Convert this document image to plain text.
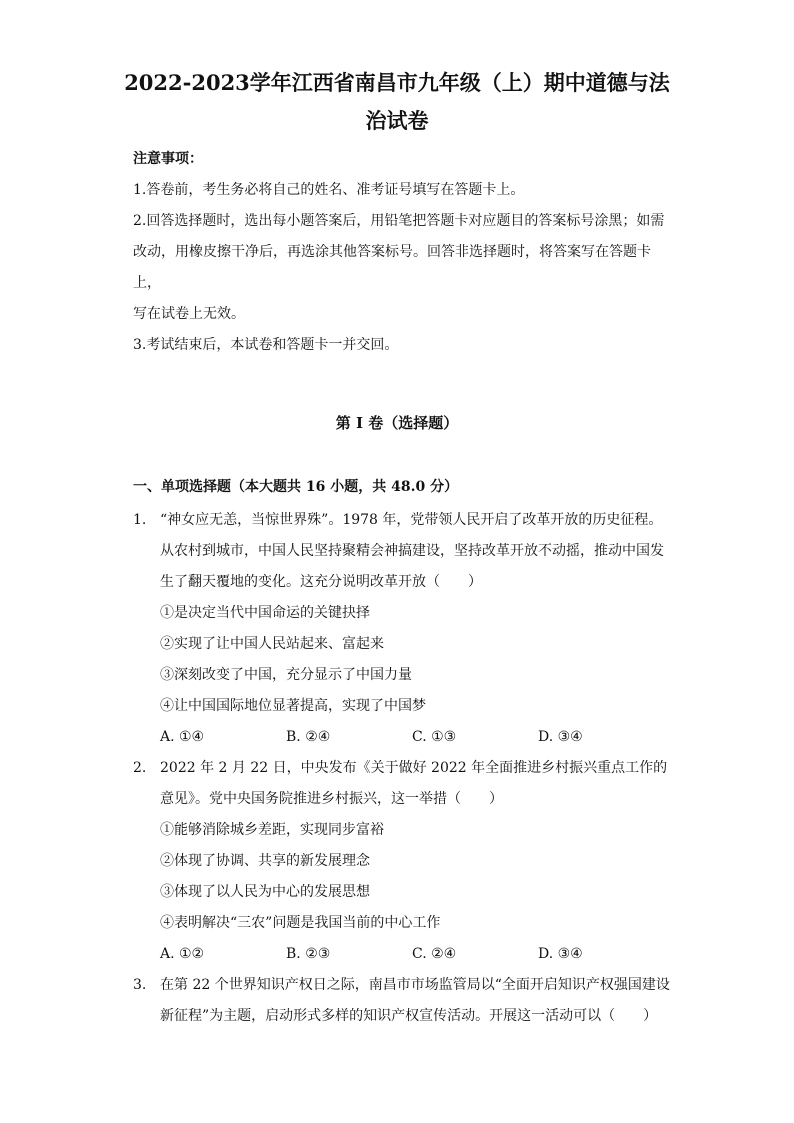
2022-2023学年江西省南昌市九年级（上）期中道德与法
治试卷

注意事项：

1.答卷前，考生务必将自己的姓名、准考证号填写在答题卡上。

2.回答选择题时，选出每小题答案后，用铅笔把答题卡对应题目的答案标号涂黑；如需

改动，用橡皮擦干净后，再选涂其他答案标号。回答非选择题时，将答案写在答题卡上，

写在试卷上无效。

3.考试结束后，本试卷和答题卡一并交回。

第 I 卷（选择题）
一、单项选择题（本大题共 16 小题，共 48.0 分）
1. “神女应无恙，当惊世界殊”。1978 年，党带领人民开启了改革开放的历史征程。从农村到城市，中国人民坚持聚精会神搞建设，坚持改革开放不动摇，推动中国发生了翻天覆地的变化。这充分说明改革开放（　　）
①是决定当代中国命运的关键抉择
②实现了让中国人民站起来、富起来
③深刻改变了中国，充分显示了中国力量
④让中国国际地位显著提高，实现了中国梦
A. ①④	B. ②④	C. ①③	D. ③④
2. 2022 年 2 月 22 日，中央发布《关于做好 2022 年全面推进乡村振兴重点工作的意见》。党中央国务院推进乡村振兴，这一举措（　　）
①能够消除城乡差距，实现同步富裕
②体现了协调、共享的新发展理念
③体现了以人民为中心的发展思想
④表明解决“三农”问题是我国当前的中心工作
A. ①②	B. ②③	C. ②④	D. ③④
3. 在第 22 个世界知识产权日之际，南昌市市场监管局以“全面开启知识产权强国建设新征程”为主题，启动形式多样的知识产权宣传活动。开展这一活动可以（　　）
